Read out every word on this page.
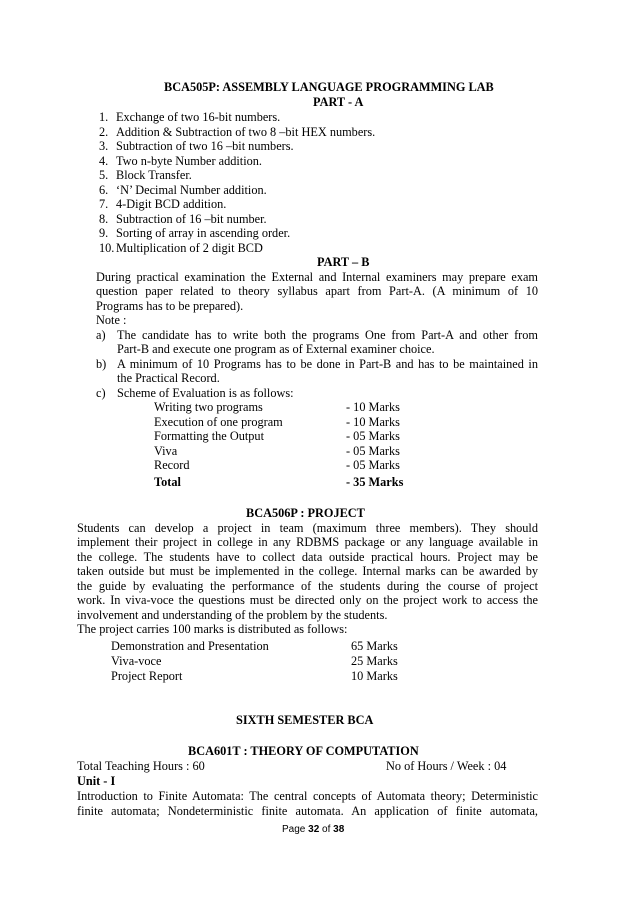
BCA505P: ASSEMBLY LANGUAGE PROGRAMMING LAB
PART - A
1. Exchange of two 16-bit numbers.
2. Addition & Subtraction of two 8 –bit HEX numbers.
3. Subtraction of two 16 –bit numbers.
4. Two n-byte Number addition.
5. Block Transfer.
6. ‘N’ Decimal Number addition.
7. 4-Digit BCD addition.
8. Subtraction of 16 –bit number.
9. Sorting of array in ascending order.
10. Multiplication of 2 digit BCD
PART – B
During practical examination the External and Internal examiners may prepare exam
question paper related to theory syllabus apart from Part-A. (A minimum of 10
Programs has to be prepared).
Note :
a) The candidate has to write both the programs One from Part-A and other from
Part-B and execute one program as of External examiner choice.
b) A minimum of 10 Programs has to be done in Part-B and has to be maintained in
the Practical Record.
c) Scheme of Evaluation is as follows:
Writing two programs	- 10 Marks
Execution of one program	- 10 Marks
Formatting the Output	- 05 Marks
Viva	- 05 Marks
Record	- 05 Marks
Total	- 35 Marks
BCA506P : PROJECT
Students can develop a project in team (maximum three members). They should
implement their project in college in any RDBMS package or any language available in
the college. The students have to collect data outside practical hours. Project may be
taken outside but must be implemented in the college. Internal marks can be awarded by
the guide by evaluating the performance of the students during the course of project
work. In viva-voce the questions must be directed only on the project work to access the
involvement and understanding of the problem by the students.
The project carries 100 marks is distributed as follows:
Demonstration and Presentation	65 Marks
Viva-voce	25 Marks
Project Report	10 Marks
SIXTH SEMESTER BCA
BCA601T : THEORY OF COMPUTATION
Total Teaching Hours : 60	No of Hours / Week : 04
Unit - I
Introduction to Finite Automata: The central concepts of Automata theory; Deterministic
finite automata; Nondeterministic finite automata. An application of finite automata,
Page 32 of 38
